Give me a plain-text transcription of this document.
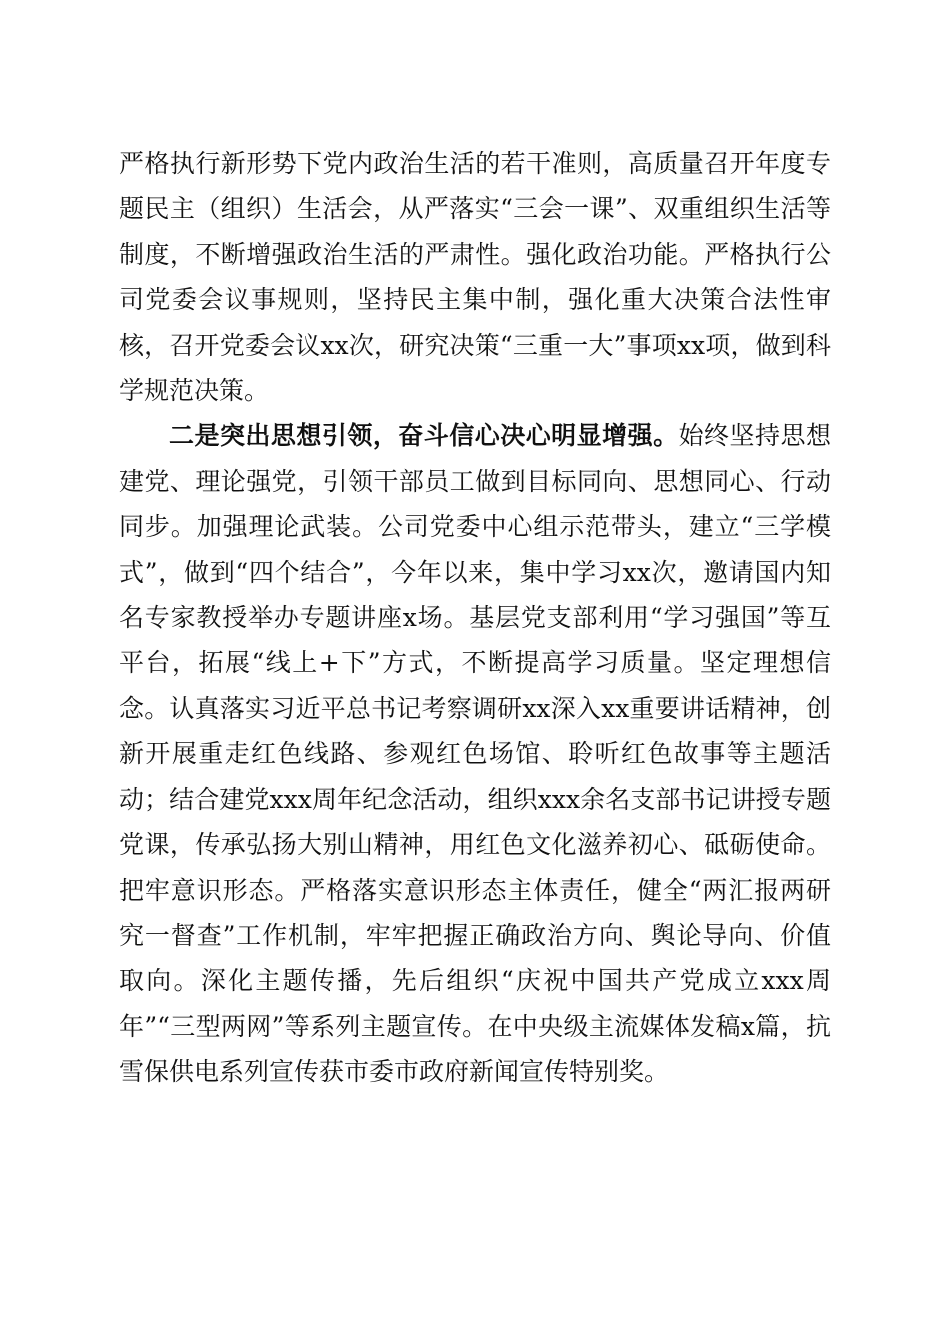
严格执行新形势下党内政治生活的若干准则，高质量召开年度专题民主（组织）生活会，从严落实“三会一课”、双重组织生活等制度，不断增强政治生活的严肃性。强化政治功能。严格执行公司党委会议事规则，坚持民主集中制，强化重大决策合法性审核，召开党委会议xx次，研究决策“三重一大”事项xx项，做到科学规范决策。

二是突出思想引领，奋斗信心决心明显增强。始终坚持思想建党、理论强党，引领干部员工做到目标同向、思想同心、行动同步。加强理论武装。公司党委中心组示范带头，建立“三学模式”，做到“四个结合”，今年以来，集中学习xx次，邀请国内知名专家教授举办专题讲座x场。基层党支部利用“学习强国”等互平台，拓展“线上+下”方式，不断提高学习质量。坚定理想信念。认真落实习近平总书记考察调研xx深入xx重要讲话精神，创新开展重走红色线路、参观红色场馆、聆听红色故事等主题活动；结合建党xxx周年纪念活动，组织xxx余名支部书记讲授专题党课，传承弘扬大别山精神，用红色文化滋养初心、砥砺使命。把牢意识形态。严格落实意识形态主体责任，健全“两汇报两研究一督查”工作机制，牢牢把握正确政治方向、舆论导向、价值取向。深化主题传播，先后组织“庆祝中国共产党成立xxx周年”“三型两网”等系列主题宣传。在中央级主流媒体发稿x篇，抗雪保供电系列宣传获市委市政府新闻宣传特别奖。
